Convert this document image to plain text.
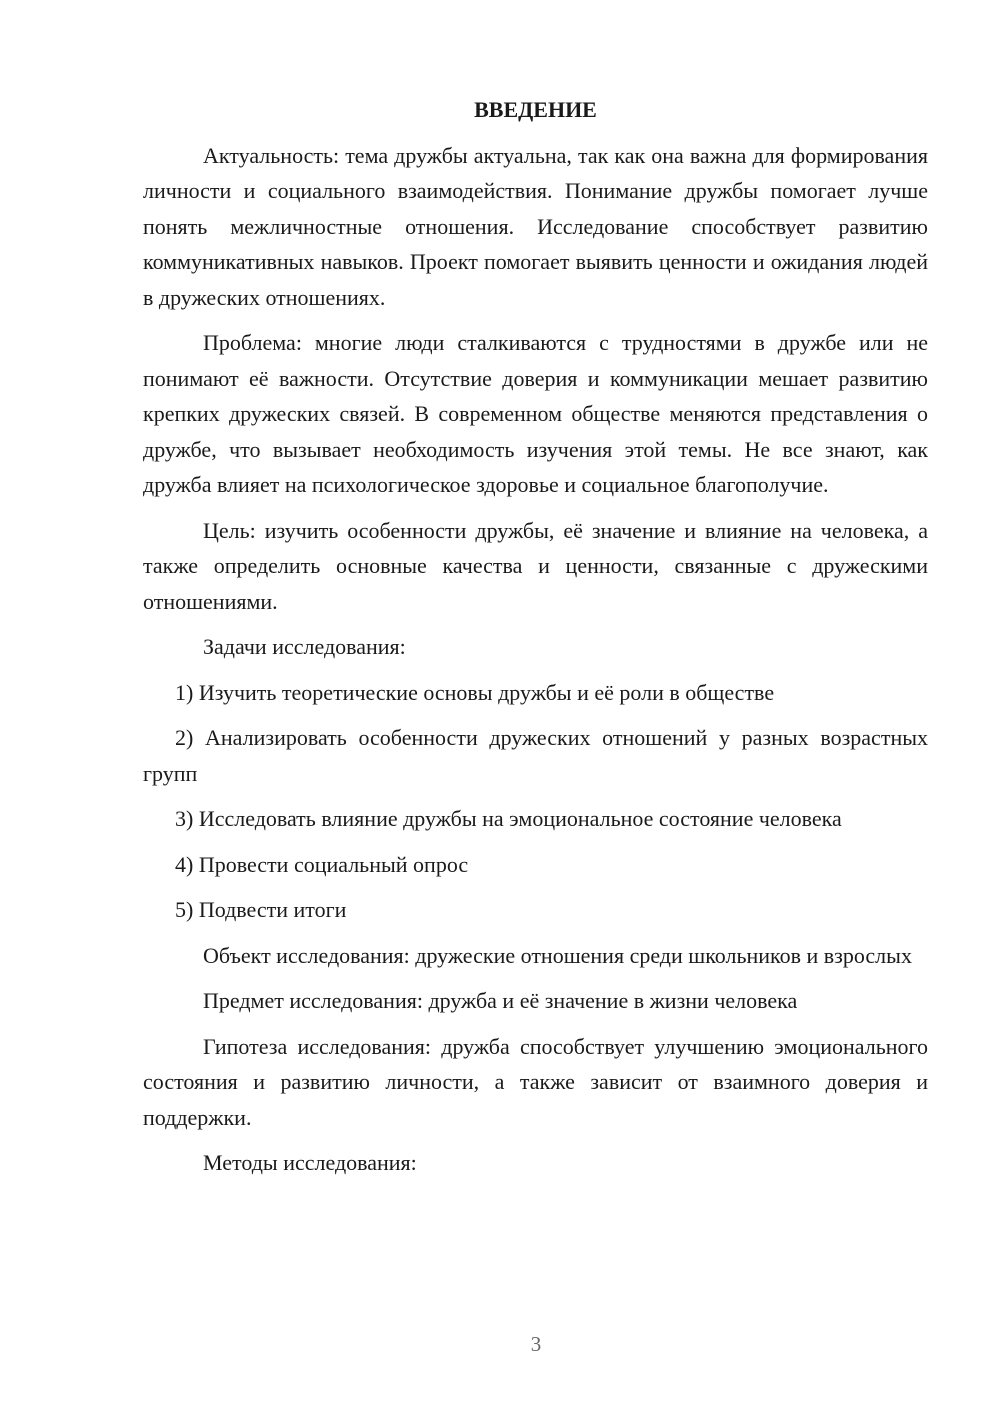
ВВЕДЕНИЕ

Актуальность: тема дружбы актуальна, так как она важна для формирования личности и социального взаимодействия. Понимание дружбы помогает лучше понять межличностные отношения. Исследование способствует развитию коммуникативных навыков. Проект помогает выявить ценности и ожидания людей в дружеских отношениях.

Проблема: многие люди сталкиваются с трудностями в дружбе или не понимают её важности. Отсутствие доверия и коммуникации мешает развитию крепких дружеских связей. В современном обществе меняются представления о дружбе, что вызывает необходимость изучения этой темы. Не все знают, как дружба влияет на психологическое здоровье и социальное благополучие.

Цель: изучить особенности дружбы, её значение и влияние на человека, а также определить основные качества и ценности, связанные с дружескими отношениями.

Задачи исследования:

1) Изучить теоретические основы дружбы и её роли в обществе

2) Анализировать особенности дружеских отношений у разных возрастных групп

3) Исследовать влияние дружбы на эмоциональное состояние человека

4) Провести социальный опрос

5) Подвести итоги

Объект исследования: дружеские отношения среди школьников и взрослых

Предмет исследования: дружба и её значение в жизни человека

Гипотеза исследования: дружба способствует улучшению эмоционального состояния и развитию личности, а также зависит от взаимного доверия и поддержки.

Методы исследования:

3
